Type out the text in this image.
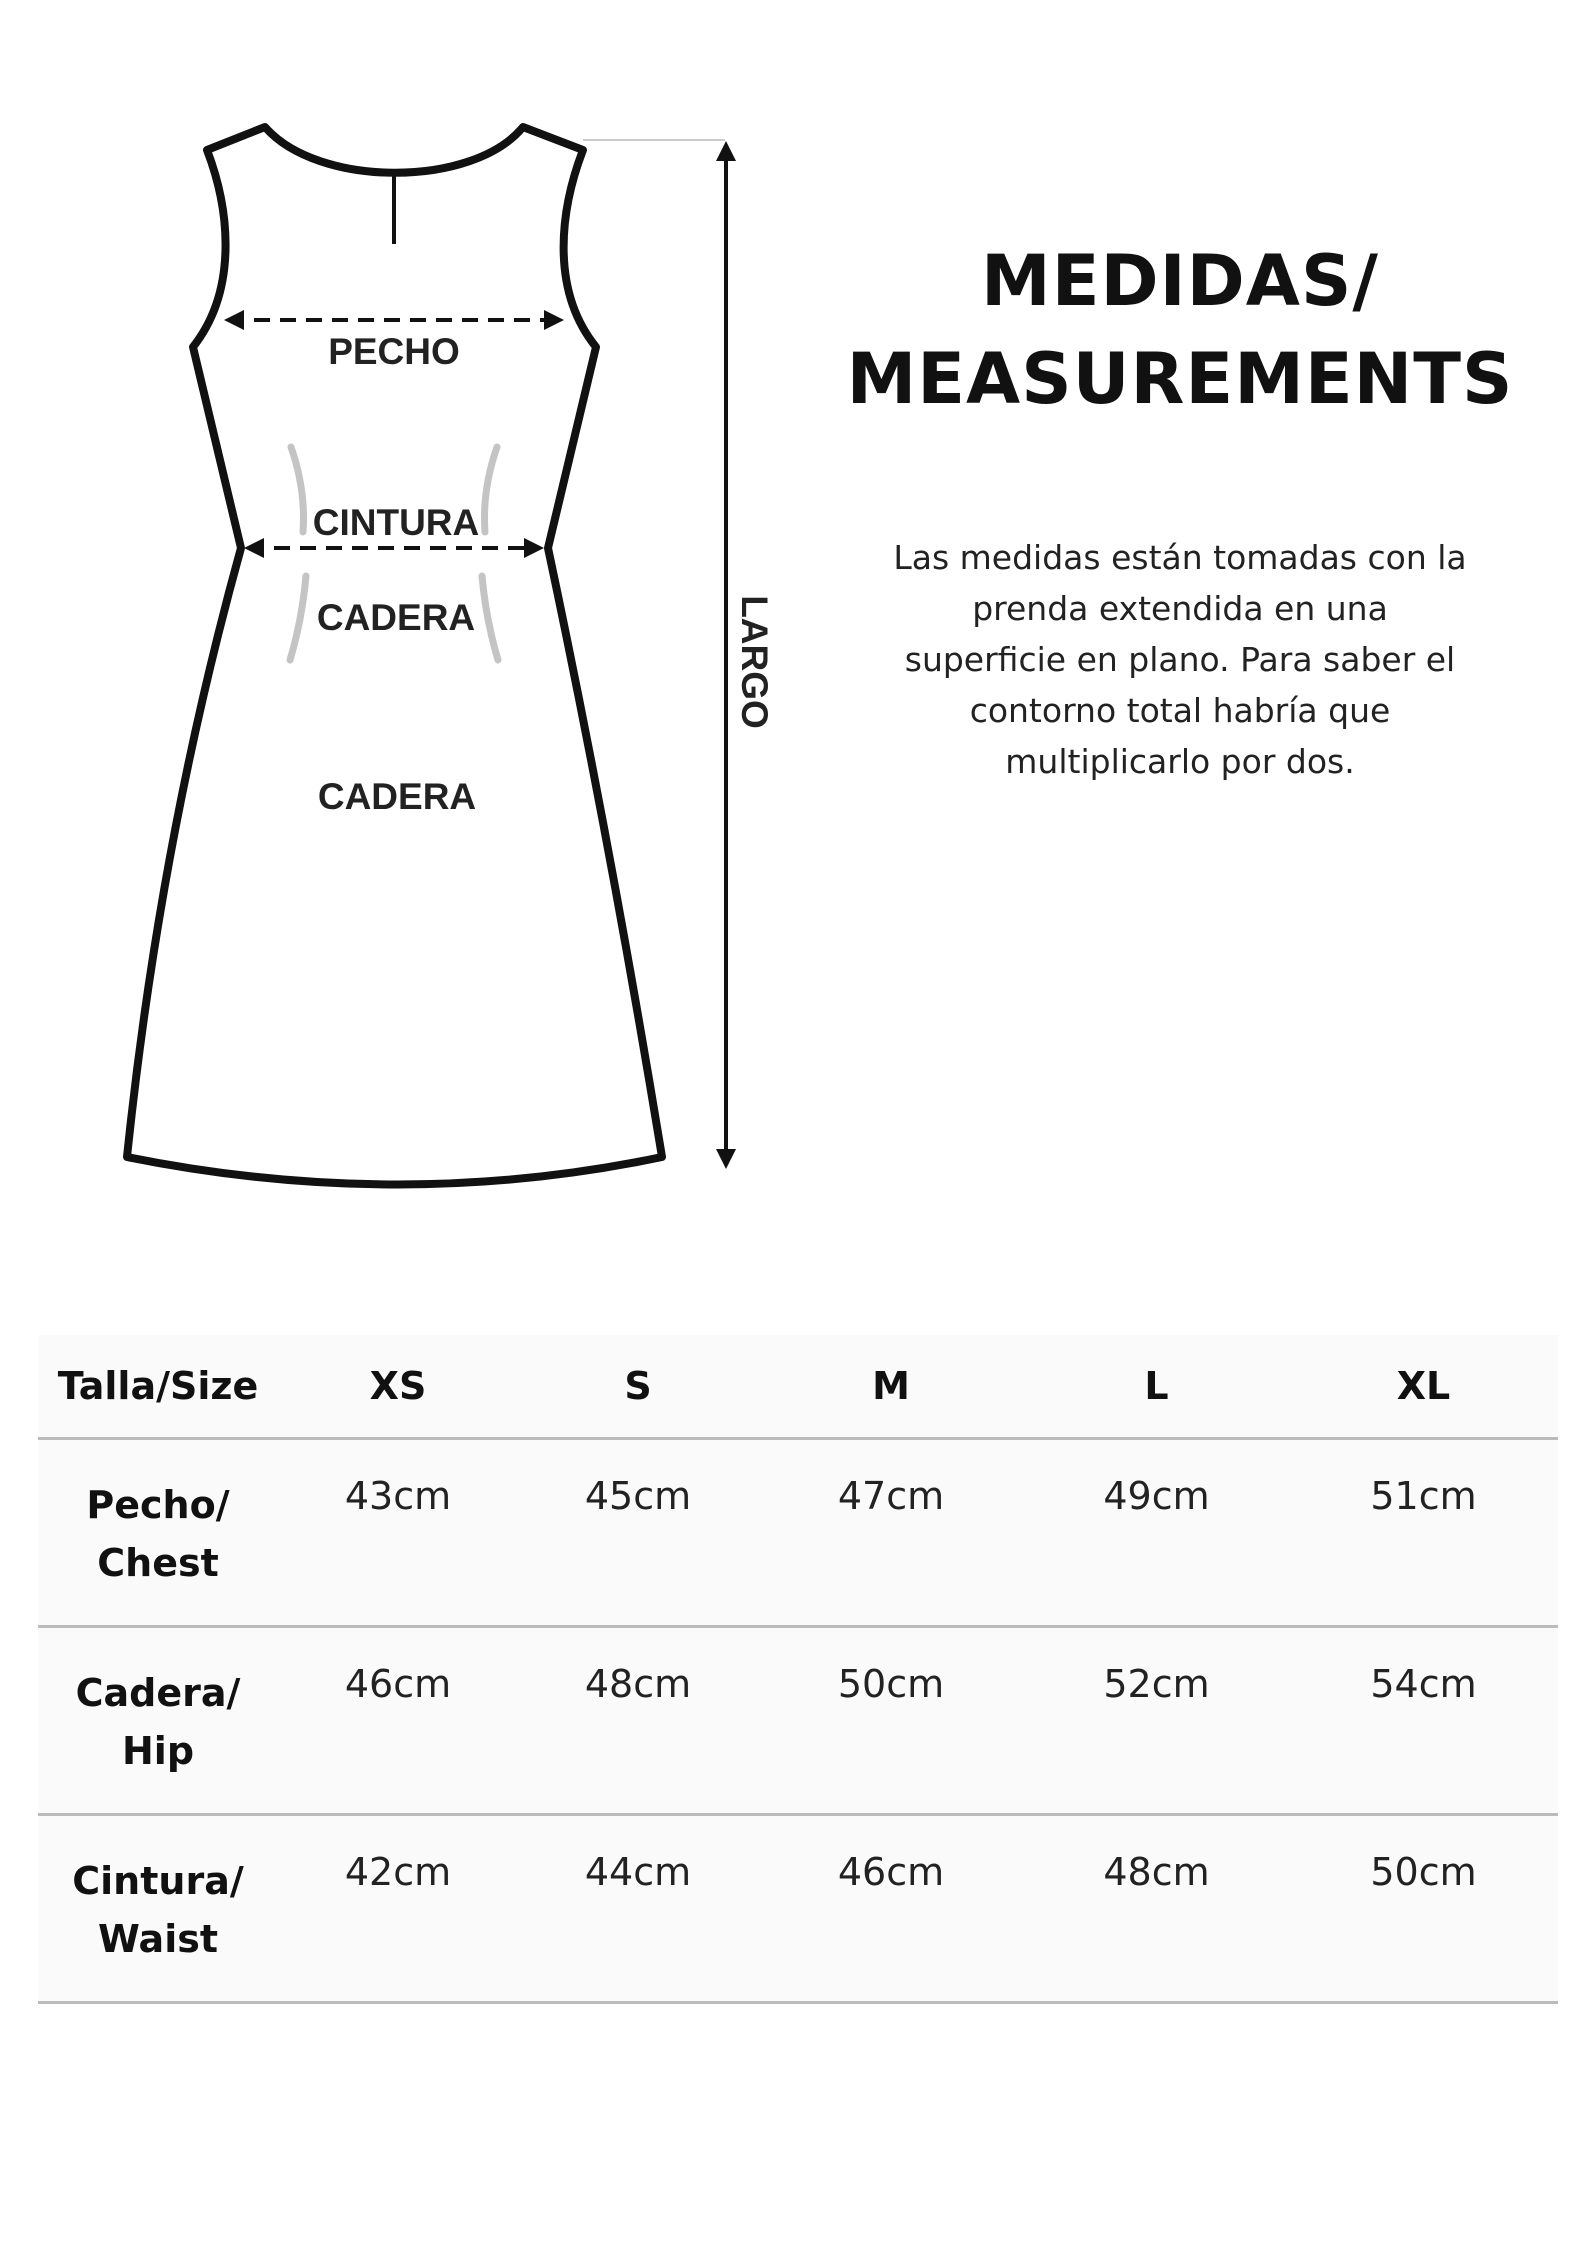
PECHO
CINTURA
CADERA
CADERA
LARGO
MEDIDAS/
MEASUREMENTS
Las medidas están tomadas con la
prenda extendida en una
superficie en plano. Para saber el
contorno total habría que
multiplicarlo por dos.
Talla/Size	XS	S	M	L	XL

Pecho/
Chest	43cm	45cm	47cm	49cm	51cm

Cadera/
Hip	46cm	48cm	50cm	52cm	54cm

Cintura/
Waist	42cm	44cm	46cm	48cm	50cm
